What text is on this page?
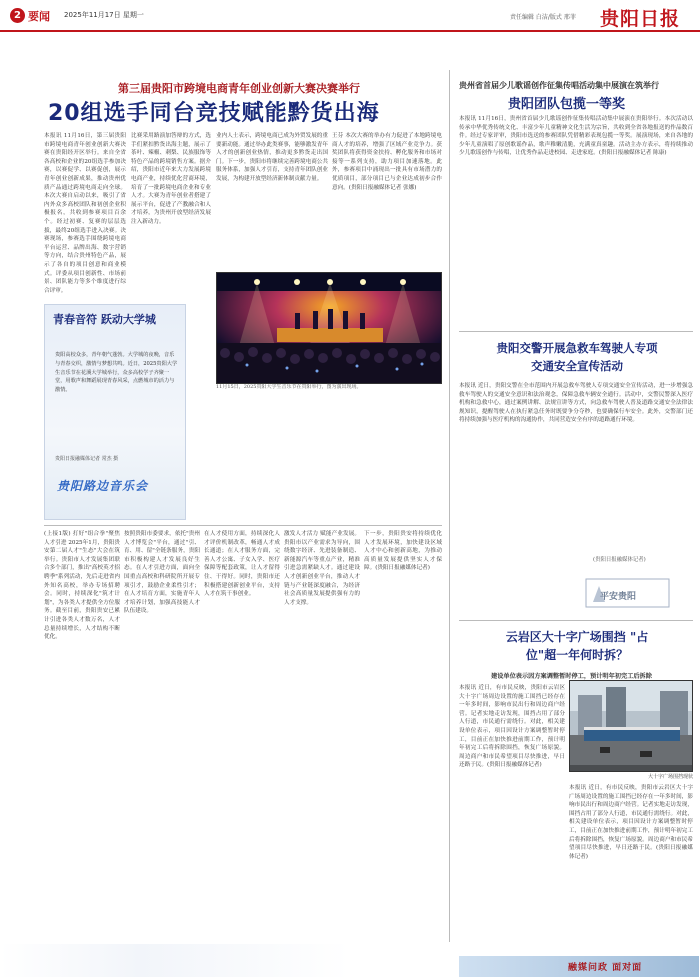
2 要闻 2025年11月17日 星期一	责任编辑 白洁/版式 邢菲 贵阳日报
第三届贵阳市跨境电商青年创业创新大赛决赛举行
20组选手同台竞技赋能黔货出海
本报讯 11月16日，第三届贵阳市跨境电商青年创业创新大赛决赛在贵阳经开区举行。来自全省各高校和企业的20组选手参加决赛，以赛促学、以赛促创，展示青年创业创新成果，推动贵州优质产品通过跨境电商走向全球。本次大赛自启动以来，吸引了省内外众多高校团队和初创企业积极报名，共收到参赛项目百余个。经过初赛、复赛的层层选拔，最终20组选手进入决赛。决赛现场，参赛选手围绕跨境电商平台运营、品牌出海、数字营销等方向，结合贵州特色产品，展示了各自的项目创意和商业模式。评委从项目创新性、市场前景、团队能力等多个维度进行综合评审。
比赛采用路演加答辩的方式，选手们紧扣黔货出海主题，展示了茶叶、辣椒、刺梨、民族服饰等特色产品的跨境销售方案。据介绍，贵阳市近年来大力发展跨境电商产业，持续优化营商环境，培育了一批跨境电商企业和专业人才。大赛为青年创业者搭建了展示平台，促进了产教融合和人才培养，为贵州开放型经济发展注入新动力。
业内人士表示，跨境电商已成为外贸发展的重要新动能。通过举办此类赛事，能够激发青年人才的创新创业热情，推动更多黔货走出国门。下一步，贵阳市将继续完善跨境电商公共服务体系，加强人才引育，支持青年团队创业发展，为构建开放型经济新体制贡献力量。
王芬 本次大赛的举办有力促进了本地跨境电商人才的培养，增强了区域产业竞争力。获奖团队将获得资金扶持、孵化服务和市场对接等一系列支持，助力项目加速落地。此外，参赛项目中涌现出一批具有市场潜力的优质项目，部分项目已与企业达成初步合作意向。(贵阳日报融媒体记者 张娜)
11月15日，2025贵阳大学生音乐节在贵阳举行，图为演出现场。
青春音符 跃动大学城
贵阳高校众多，青年朝气蓬勃。大学城的夜晚，音乐与青春交织，激情与梦想共鸣。近日，2025贵阳大学生音乐节在花溪大学城举行，众多高校学子齐聚一堂，用歌声和舞蹈展现青春风采，点燃城市的活力与激情。
贵阳日报融媒体记者 常杰 摄
贵阳路边音乐会
(上接1版) 打好"组合拳"聚焦人才引进 2025年1月，贵阳贵安第二届人才"生态"大会在筑举行。贵阳市人才发展集团联合多个部门，推出"高校英才招聘季"系列活动，先后走进省内外知名高校，举办专场招聘会。同时，持续深化"筑才计划"，为各类人才提供全方位服务。截至目前，贵阳贵安已累计引进各类人才数万名，人才总量持续增长，人才结构不断优化。
按照贵阳市委要求，依托"贵州人才博览会"平台，通过"引、育、用、留"全链条服务，贵阳市积极构建人才发展良好生态。在人才引进方面，面向全国重点高校和科研院所开展专项引才，鼓励企业柔性引才；在人才培育方面，实施青年人才培养计划，加强高技能人才队伍建设。
在人才使用方面，持续深化人才评价机制改革，畅通人才成长通道；在人才服务方面，完善人才公寓、子女入学、医疗保障等配套政策，让人才留得住、干得好。同时，贵阳市还积极搭建创新创业平台，支持人才在筑干事创业。
激发人才活力 赋能产业发展。贵阳市以产业需求为导向，围绕数字经济、先进装备制造、新能源汽车等重点产业，精准引进急需紧缺人才。通过建设人才创新创业平台，推动人才链与产业链深度融合，为经济社会高质量发展提供强有力的人才支撑。
下一步，贵阳贵安将持续优化人才发展环境，加快建设区域人才中心和创新高地，为推动高质量发展提供坚实人才保障。(贵阳日报融媒体记者)
贵州省首届少儿歌谣创作征集传唱活动集中展演在筑举行
贵阳团队包揽一等奖
本报讯 11月16日，贵州省首届少儿歌谣创作征集传唱活动集中展演在贵阳举行。本次活动以传承中华优秀传统文化、丰富少年儿童精神文化生活为宗旨，共收到全省各地报送的作品数百件。经过专家评审，贵阳市选送的参赛团队凭借精彩表现包揽一等奖。展演现场，来自各地的少年儿童演唱了原创歌谣作品，歌声稚嫩清脆，充满童真童趣。活动主办方表示，将持续推动少儿歌谣创作与传唱，让优秀作品走进校园、走进家庭。(贵阳日报融媒体记者 陈康)
贵阳交警开展急救车驾驶人专项交通安全宣传活动
本报讯 近日，贵阳交警在全市范围内开展急救车驾驶人专项交通安全宣传活动，进一步增强急救车驾驶人的交通安全意识和法治观念，保障急救车辆安全通行。活动中，交警民警深入医疗机构和急救中心，通过案例讲解、法规宣讲等方式，向急救车驾驶人普及道路交通安全法律法规知识，提醒驾驶人在执行紧急任务时既要争分夺秒，也要确保行车安全。此外，交警部门还将持续加强与医疗机构的沟通协作，共同营造安全有序的道路通行环境。
(贵阳日报融媒体记者)
平安贵阳
云岩区大十字广场围挡 "占位"超一年何时拆？
建设单位表示因方案调整暂时停工，预计明年初完工后拆除
本报讯 近日，有市民反映，贵阳市云岩区大十字广场周边设置的施工围挡已经存在一年多时间，影响市民出行和周边商户经营。记者实地走访发现，围挡占用了部分人行道，市民通行需绕行。对此，相关建设单位表示，项目因设计方案调整暂时停工，目前正在加快推进前期工作，预计明年初完工后将拆除围挡，恢复广场原貌。周边商户和市民希望项目尽快推进，早日还路于民。(贵阳日报融媒体记者)
大十字广场围挡现状
本报讯 近日，有市民反映，贵阳市云岩区大十字广场周边设置的施工围挡已经存在一年多时间，影响市民出行和周边商户经营。记者实地走访发现，围挡占用了部分人行道，市民通行需绕行。对此，相关建设单位表示，项目因设计方案调整暂时停工，目前正在加快推进前期工作，预计明年初完工后将拆除围挡，恢复广场原貌。周边商户和市民希望项目尽快推进，早日还路于民。(贵阳日报融媒体记者)
融媒问政 面对面
